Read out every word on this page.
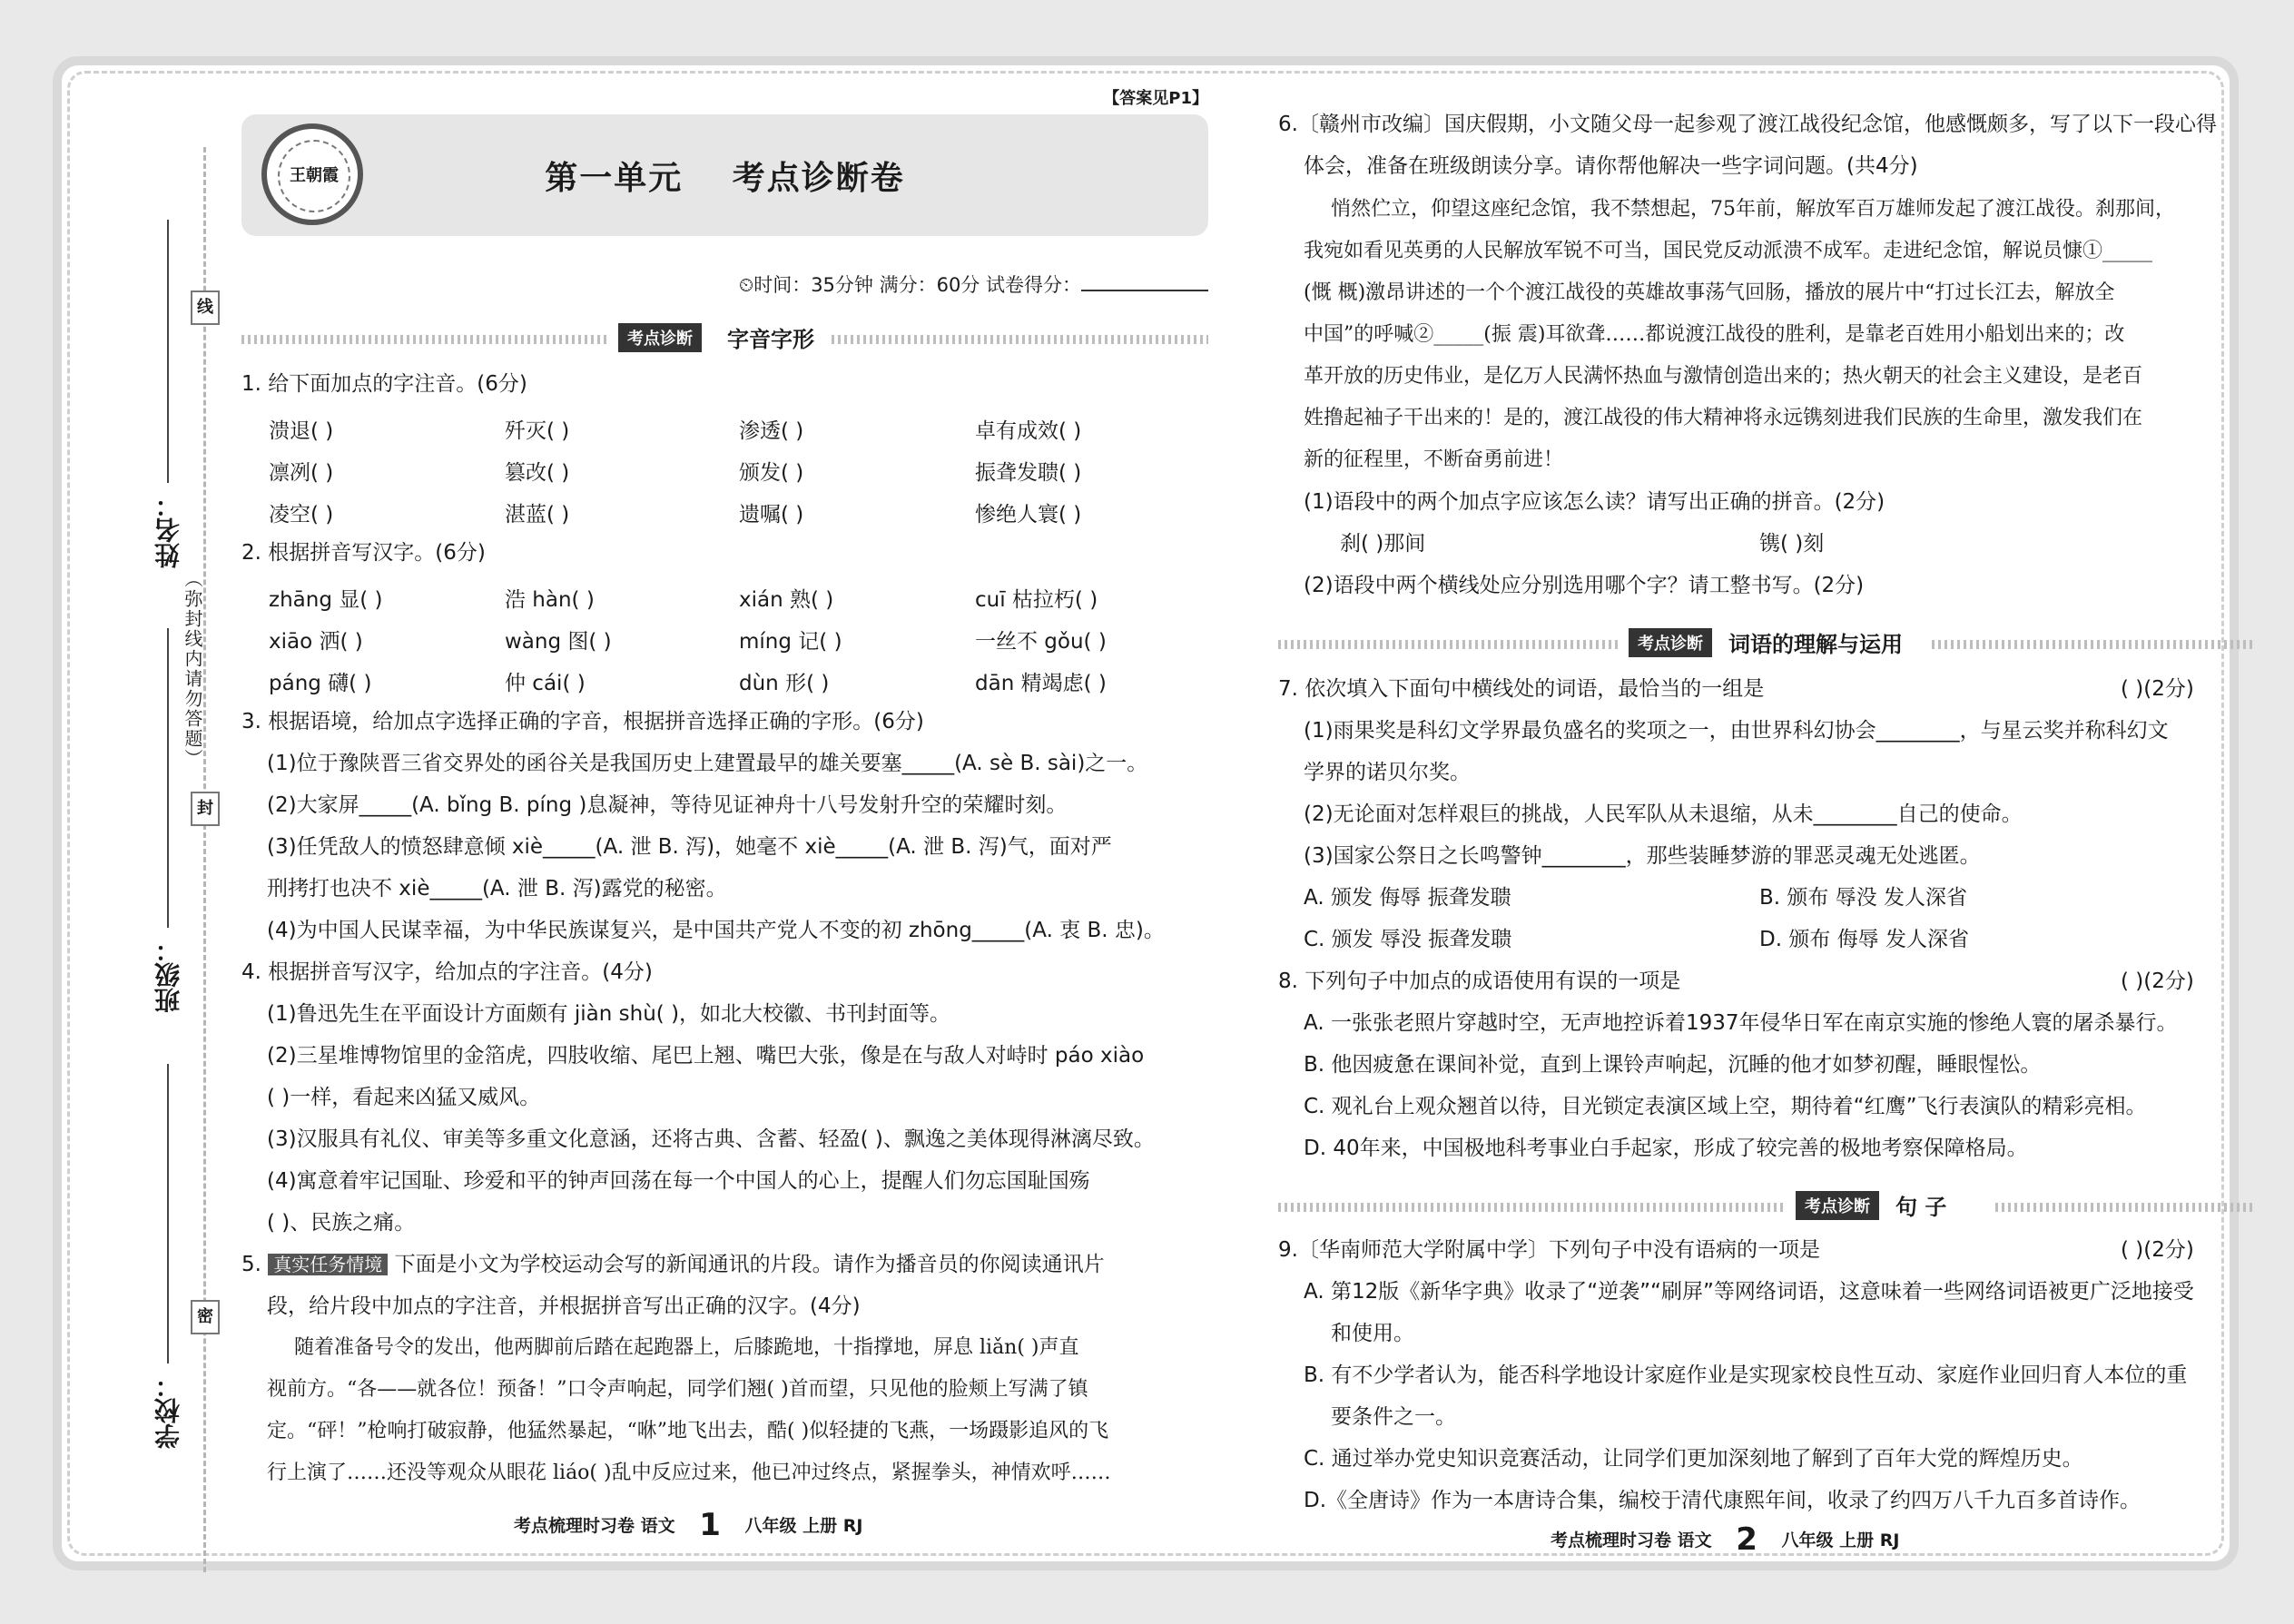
姓名：
班级：
学校：
线
封
密
（弥封线内请勿答题）
【答案见P1】
王朝霞	第一单元 考点诊断卷
⏲时间：35分钟 满分：60分 试卷得分：
考点诊断	字音字形
1. 给下面加点的字注音。(6分)
溃退( )	歼灭( )	渗透( )	卓有成效( )
凛冽( )	篡改( )	颁发( )	振聋发聩( )
凌空( )	湛蓝( )	遗嘱( )	惨绝人寰( )
2. 根据拼音写汉字。(6分)
zhāng 显( )	浩 hàn( )	xián 熟( )	cuī 枯拉朽( )
xiāo 洒( )	wàng 图( )	míng 记( )	一丝不 gǒu( )
páng 礴( )	仲 cái( )	dùn 形( )	dān 精竭虑( )
3. 根据语境，给加点字选择正确的字音，根据拼音选择正确的字形。(6分)
(1)位于豫陕晋三省交界处的函谷关是我国历史上建置最早的雄关要塞_____(A. sè B. sài)之一。
(2)大家屏_____(A. bǐng B. píng )息凝神，等待见证神舟十八号发射升空的荣耀时刻。
(3)任凭敌人的愤怒肆意倾 xiè_____(A. 泄 B. 泻)，她毫不 xiè_____(A. 泄 B. 泻)气，面对严
刑拷打也决不 xiè_____(A. 泄 B. 泻)露党的秘密。
(4)为中国人民谋幸福，为中华民族谋复兴，是中国共产党人不变的初 zhōng_____(A. 衷 B. 忠)。
4. 根据拼音写汉字，给加点的字注音。(4分)
(1)鲁迅先生在平面设计方面颇有 jiàn shù( )，如北大校徽、书刊封面等。
(2)三星堆博物馆里的金箔虎，四肢收缩、尾巴上翘、嘴巴大张，像是在与敌人对峙时 páo xiào
( )一样，看起来凶猛又威风。
(3)汉服具有礼仪、审美等多重文化意涵，还将古典、含蓄、轻盈( )、飘逸之美体现得淋漓尽致。
(4)寓意着牢记国耻、珍爱和平的钟声回荡在每一个中国人的心上，提醒人们勿忘国耻国殇
( )、民族之痛。
5. 真实任务情境 下面是小文为学校运动会写的新闻通讯的片段。请作为播音员的你阅读通讯片
段，给片段中加点的字注音，并根据拼音写出正确的汉字。(4分)
随着准备号令的发出，他两脚前后踏在起跑器上，后膝跪地，十指撑地，屏息 liǎn( )声直
视前方。“各——就各位！预备！”口令声响起，同学们翘( )首而望，只见他的脸颊上写满了镇
定。“砰！”枪响打破寂静，他猛然暴起，“咻”地飞出去，酷( )似轻捷的飞燕，一场蹑影追风的飞
行上演了……还没等观众从眼花 liáo( )乱中反应过来，他已冲过终点，紧握拳头，神情欢呼……
考点梳理时习卷 语文 1 八年级 上册 RJ
6.〔赣州市改编〕国庆假期，小文随父母一起参观了渡江战役纪念馆，他感慨颇多，写了以下一段心得
体会，准备在班级朗读分享。请你帮他解决一些字词问题。(共4分)
悄然伫立，仰望这座纪念馆，我不禁想起，75年前，解放军百万雄师发起了渡江战役。刹那间，
我宛如看见英勇的人民解放军锐不可当，国民党反动派溃不成军。走进纪念馆，解说员慷①_____
(慨 概)激昂讲述的一个个渡江战役的英雄故事荡气回肠，播放的展片中“打过长江去，解放全
中国”的呼喊②_____(振 震)耳欲聋……都说渡江战役的胜利，是靠老百姓用小船划出来的；改
革开放的历史伟业，是亿万人民满怀热血与激情创造出来的；热火朝天的社会主义建设，是老百
姓撸起袖子干出来的！是的，渡江战役的伟大精神将永远镌刻进我们民族的生命里，激发我们在
新的征程里，不断奋勇前进！
(1)语段中的两个加点字应该怎么读？请写出正确的拼音。(2分)
刹( )那间	镌( )刻
(2)语段中两个横线处应分别选用哪个字？请工整书写。(2分)
考点诊断	词语的理解与运用
7. 依次填入下面句中横线处的词语，最恰当的一组是	( )(2分)
(1)雨果奖是科幻文学界最负盛名的奖项之一，由世界科幻协会________，与星云奖并称科幻文
学界的诺贝尔奖。
(2)无论面对怎样艰巨的挑战，人民军队从未退缩，从未________自己的使命。
(3)国家公祭日之长鸣警钟________，那些装睡梦游的罪恶灵魂无处逃匿。
A. 颁发 侮辱 振聋发聩	B. 颁布 辱没 发人深省
C. 颁发 辱没 振聋发聩	D. 颁布 侮辱 发人深省
8. 下列句子中加点的成语使用有误的一项是	( )(2分)
A. 一张张老照片穿越时空，无声地控诉着1937年侵华日军在南京实施的惨绝人寰的屠杀暴行。
B. 他因疲惫在课间补觉，直到上课铃声响起，沉睡的他才如梦初醒，睡眼惺忪。
C. 观礼台上观众翘首以待，目光锁定表演区域上空，期待着“红鹰”飞行表演队的精彩亮相。
D. 40年来，中国极地科考事业白手起家，形成了较完善的极地考察保障格局。
考点诊断	句 子
9.〔华南师范大学附属中学〕下列句子中没有语病的一项是	( )(2分)
A. 第12版《新华字典》收录了“逆袭”“刷屏”等网络词语，这意味着一些网络词语被更广泛地接受
和使用。
B. 有不少学者认为，能否科学地设计家庭作业是实现家校良性互动、家庭作业回归育人本位的重
要条件之一。
C. 通过举办党史知识竞赛活动，让同学们更加深刻地了解到了百年大党的辉煌历史。
D.《全唐诗》作为一本唐诗合集，编校于清代康熙年间，收录了约四万八千九百多首诗作。
考点梳理时习卷 语文 2 八年级 上册 RJ
